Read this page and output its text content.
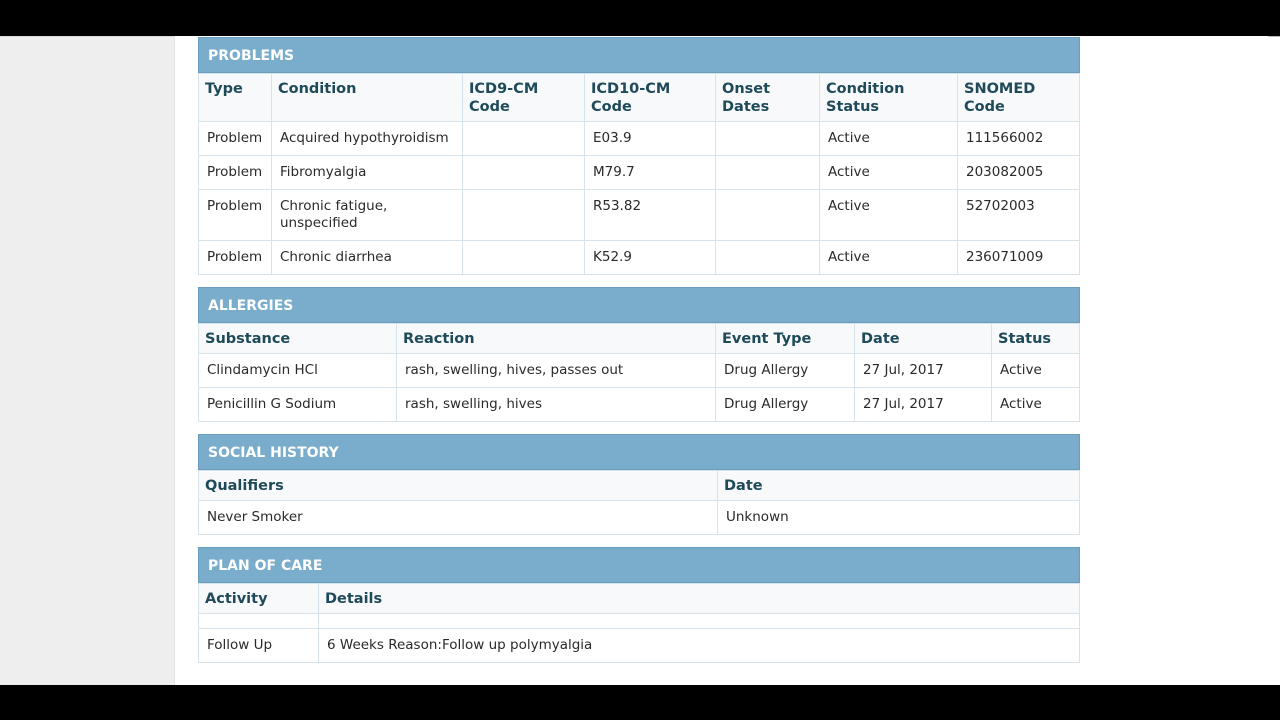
PROBLEMS
Type	Condition	ICD9-CM Code	ICD10-CM Code	Onset Dates	Condition Status	SNOMED Code
Problem	Acquired hypothyroidism		E03.9		Active	111566002
Problem	Fibromyalgia		M79.7		Active	203082005
Problem	Chronic fatigue, unspecified		R53.82		Active	52702003
Problem	Chronic diarrhea		K52.9		Active	236071009
ALLERGIES
Substance	Reaction	Event Type	Date	Status
Clindamycin HCl	rash, swelling, hives, passes out	Drug Allergy	27 Jul, 2017	Active
Penicillin G Sodium	rash, swelling, hives	Drug Allergy	27 Jul, 2017	Active
SOCIAL HISTORY
Qualifiers	Date
Never Smoker	Unknown
PLAN OF CARE
Activity	Details

Follow Up	6 Weeks Reason:Follow up polymyalgia
